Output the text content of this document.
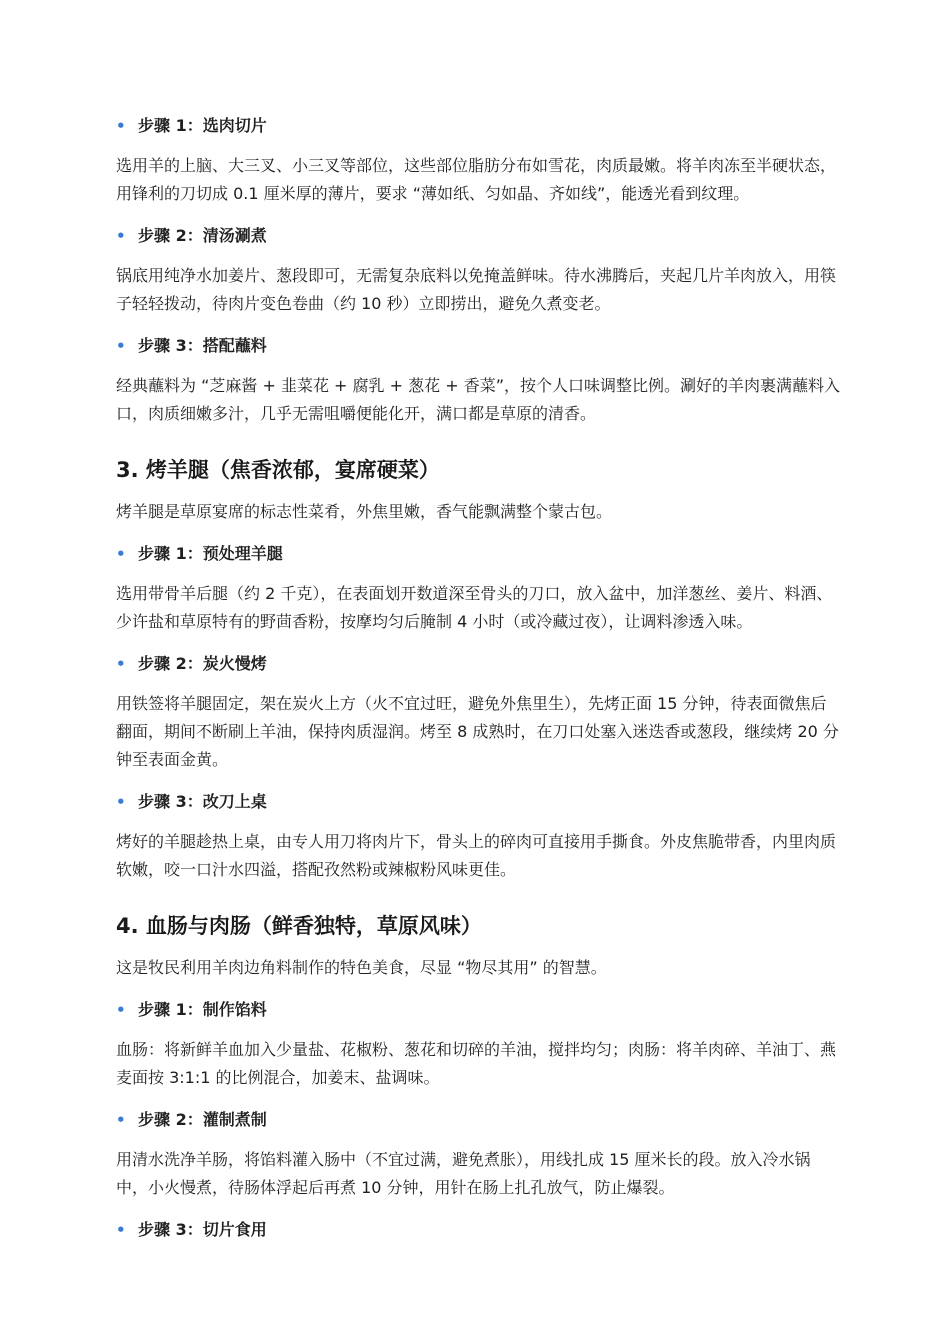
• 步骤 1：选肉切片

选用羊的上脑、大三叉、小三叉等部位，这些部位脂肪分布如雪花，肉质最嫩。将羊肉冻至半硬状态，用锋利的刀切成 0.1 厘米厚的薄片，要求 “薄如纸、匀如晶、齐如线”，能透光看到纹理。

• 步骤 2：清汤涮煮

锅底用纯净水加姜片、葱段即可，无需复杂底料以免掩盖鲜味。待水沸腾后，夹起几片羊肉放入，用筷子轻轻拨动，待肉片变色卷曲（约 10 秒）立即捞出，避免久煮变老。

• 步骤 3：搭配蘸料

经典蘸料为 “芝麻酱 + 韭菜花 + 腐乳 + 葱花 + 香菜”，按个人口味调整比例。涮好的羊肉裹满蘸料入口，肉质细嫩多汁，几乎无需咀嚼便能化开，满口都是草原的清香。

3. 烤羊腿（焦香浓郁，宴席硬菜）

烤羊腿是草原宴席的标志性菜肴，外焦里嫩，香气能飘满整个蒙古包。

• 步骤 1：预处理羊腿

选用带骨羊后腿（约 2 千克），在表面划开数道深至骨头的刀口，放入盆中，加洋葱丝、姜片、料酒、少许盐和草原特有的野茴香粉，按摩均匀后腌制 4 小时（或冷藏过夜），让调料渗透入味。

• 步骤 2：炭火慢烤

用铁签将羊腿固定，架在炭火上方（火不宜过旺，避免外焦里生），先烤正面 15 分钟，待表面微焦后翻面，期间不断刷上羊油，保持肉质湿润。烤至 8 成熟时，在刀口处塞入迷迭香或葱段，继续烤 20 分钟至表面金黄。

• 步骤 3：改刀上桌

烤好的羊腿趁热上桌，由专人用刀将肉片下，骨头上的碎肉可直接用手撕食。外皮焦脆带香，内里肉质软嫩，咬一口汁水四溢，搭配孜然粉或辣椒粉风味更佳。

4. 血肠与肉肠（鲜香独特，草原风味）

这是牧民利用羊肉边角料制作的特色美食，尽显 “物尽其用” 的智慧。

• 步骤 1：制作馅料

血肠：将新鲜羊血加入少量盐、花椒粉、葱花和切碎的羊油，搅拌均匀；肉肠：将羊肉碎、羊油丁、燕麦面按 3:1:1 的比例混合，加姜末、盐调味。

• 步骤 2：灌制煮制

用清水洗净羊肠，将馅料灌入肠中（不宜过满，避免煮胀），用线扎成 15 厘米长的段。放入冷水锅中，小火慢煮，待肠体浮起后再煮 10 分钟，用针在肠上扎孔放气，防止爆裂。

• 步骤 3：切片食用
